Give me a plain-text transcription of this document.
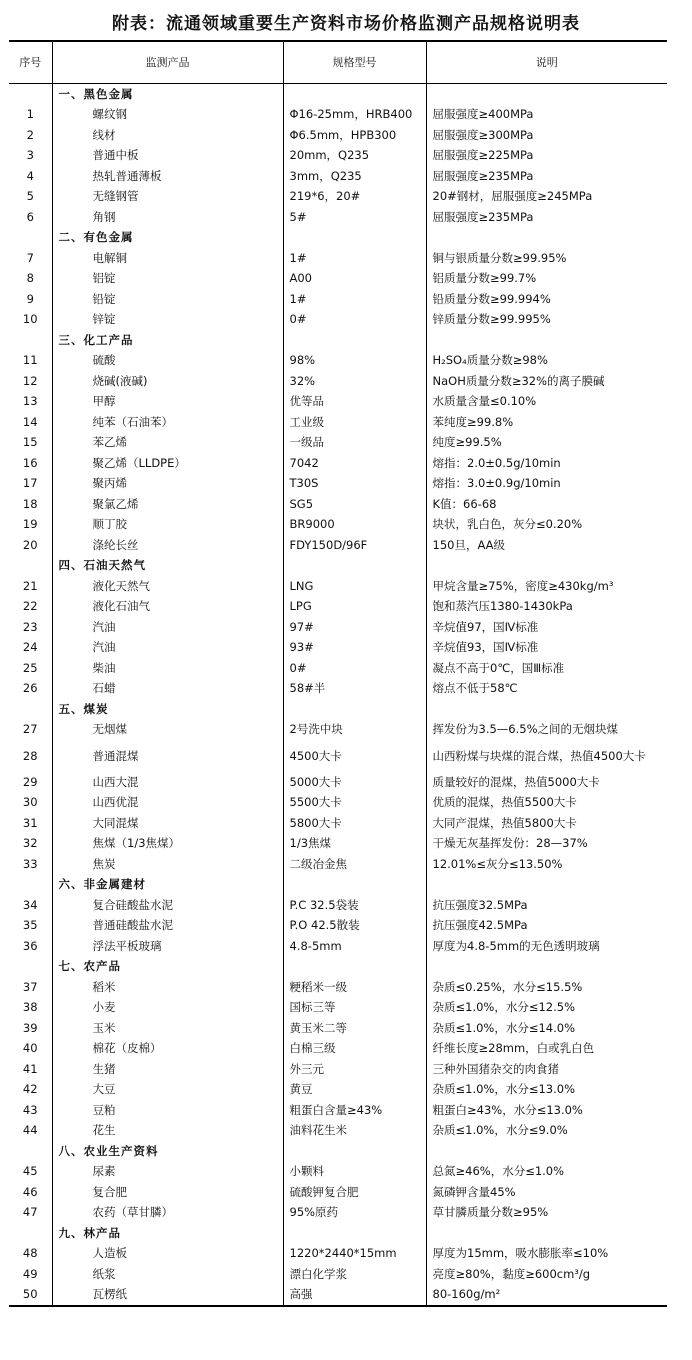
附表：流通领域重要生产资料市场价格监测产品规格说明表
序号	监测产品	规格型号	说明
	一、黑色金属		
1	螺纹钢	Φ16-25mm，HRB400	屈服强度≥400MPa
2	线材	Φ6.5mm，HPB300	屈服强度≥300MPa
3	普通中板	20mm，Q235	屈服强度≥225MPa
4	热轧普通薄板	3mm，Q235	屈服强度≥235MPa
5	无缝钢管	219*6，20#	20#钢材，屈服强度≥245MPa
6	角钢	5#	屈服强度≥235MPa
	二、有色金属		
7	电解铜	1#	铜与银质量分数≥99.95%
8	铝锭	A00	铝质量分数≥99.7%
9	铅锭	1#	铅质量分数≥99.994%
10	锌锭	0#	锌质量分数≥99.995%
	三、化工产品		
11	硫酸	98%	H₂SO₄质量分数≥98%
12	烧碱(液碱)	32%	NaOH质量分数≥32%的离子膜碱
13	甲醇	优等品	水质量含量≤0.10%
14	纯苯（石油苯）	工业级	苯纯度≥99.8%
15	苯乙烯	一级品	纯度≥99.5%
16	聚乙烯（LLDPE）	7042	熔指：2.0±0.5g/10min
17	聚丙烯	T30S	熔指：3.0±0.9g/10min
18	聚氯乙烯	SG5	K值：66-68
19	顺丁胶	BR9000	块状，乳白色，灰分≤0.20%
20	涤纶长丝	FDY150D/96F	150旦，AA级
	四、石油天然气		
21	液化天然气	LNG	甲烷含量≥75%，密度≥430kg/m³
22	液化石油气	LPG	饱和蒸汽压1380-1430kPa
23	汽油	97#	辛烷值97，国Ⅳ标准
24	汽油	93#	辛烷值93，国Ⅳ标准
25	柴油	0#	凝点不高于0℃，国Ⅲ标准
26	石蜡	58#半	熔点不低于58℃
	五、煤炭		
27	无烟煤	2号洗中块	挥发份为3.5—6.5%之间的无烟块煤
28	普通混煤	4500大卡	山西粉煤与块煤的混合煤，热值4500大卡
29	山西大混	5000大卡	质量较好的混煤，热值5000大卡
30	山西优混	5500大卡	优质的混煤，热值5500大卡
31	大同混煤	5800大卡	大同产混煤，热值5800大卡
32	焦煤（1/3焦煤）	1/3焦煤	干燥无灰基挥发份：28—37%
33	焦炭	二级冶金焦	12.01%≤灰分≤13.50%
	六、非金属建材		
34	复合硅酸盐水泥	P.C 32.5袋装	抗压强度32.5MPa
35	普通硅酸盐水泥	P.O 42.5散装	抗压强度42.5MPa
36	浮法平板玻璃	4.8-5mm	厚度为4.8-5mm的无色透明玻璃
	七、农产品		
37	稻米	粳稻米一级	杂质≤0.25%，水分≤15.5%
38	小麦	国标三等	杂质≤1.0%，水分≤12.5%
39	玉米	黄玉米二等	杂质≤1.0%，水分≤14.0%
40	棉花（皮棉）	白棉三级	纤维长度≥28mm，白或乳白色
41	生猪	外三元	三种外国猪杂交的肉食猪
42	大豆	黄豆	杂质≤1.0%，水分≤13.0%
43	豆粕	粗蛋白含量≥43%	粗蛋白≥43%，水分≤13.0%
44	花生	油料花生米	杂质≤1.0%，水分≤9.0%
	八、农业生产资料		
45	尿素	小颗料	总氮≥46%，水分≤1.0%
46	复合肥	硫酸钾复合肥	氮磷钾含量45%
47	农药（草甘膦）	95%原药	草甘膦质量分数≥95%
	九、林产品		
48	人造板	1220*2440*15mm	厚度为15mm，吸水膨胀率≤10%
49	纸浆	漂白化学浆	亮度≥80%，黏度≥600cm³/g
50	瓦楞纸	高强	80-160g/m²
